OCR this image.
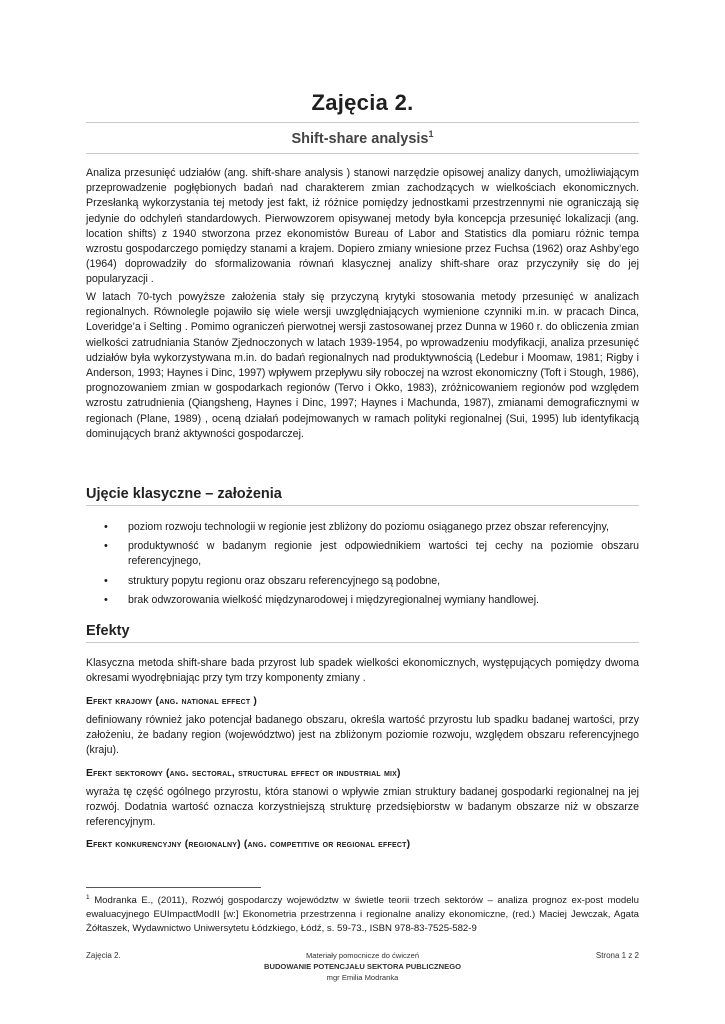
Zajęcia 2.
Shift-share analysis$^1$

Analiza przesunięć udziałów (ang. shift-share analysis ) stanowi narzędzie opisowej analizy danych, umożliwiającym przeprowadzenie pogłębionych badań nad charakterem zmian zachodzących w wielkościach ekonomicznych. Przesłanką wykorzystania tej metody jest fakt, iż różnice pomiędzy jednostkami przestrzennymi nie ograniczają się jedynie do odchyleń standardowych. Pierwowzorem opisywanej metody była koncepcja przesunięć lokalizacji (ang. location shifts) z 1940 stworzona przez ekonomistów Bureau of Labor and Statistics dla pomiaru różnic tempa wzrostu gospodarczego pomiędzy stanami a krajem. Dopiero zmiany wniesione przez Fuchsa (1962) oraz Ashby’ego (1964) doprowadziły do sformalizowania równań klasycznej analizy shift-share oraz przyczyniły się do jej popularyzacji .

W latach 70-tych powyższe założenia stały się przyczyną krytyki stosowania metody przesunięć w analizach regionalnych. Równolegle pojawiło się wiele wersji uwzględniających wymienione czynniki m.in. w pracach Dinca, Loveridge’a i Selting . Pomimo ograniczeń pierwotnej wersji zastosowanej przez Dunna w 1960 r. do obliczenia zmian wielkości zatrudniania Stanów Zjednoczonych w latach 1939-1954, po wprowadzeniu modyfikacji, analiza przesunięć udziałów była wykorzystywana m.in. do badań regionalnych nad produktywnością (Ledebur i Moomaw, 1981; Rigby i Anderson, 1993; Haynes i Dinc, 1997) wpływem przepływu siły roboczej na wzrost ekonomiczny (Toft i Stough, 1986), prognozowaniem zmian w gospodarkach regionów (Tervo i Okko, 1983), zróżnicowaniem regionów pod względem wzrostu zatrudnienia (Qiangsheng, Haynes i Dinc, 1997; Haynes i Machunda, 1987), zmianami demograficznymi w regionach (Plane, 1989) , oceną działań podejmowanych w ramach polityki regionalnej (Sui, 1995) lub identyfikacją dominujących branż aktywności gospodarczej.

Ujęcie klasyczne – założenia
• poziom rozwoju technologii w regionie jest zbliżony do poziomu osiąganego przez obszar referencyjny,
• produktywność w badanym regionie jest odpowiednikiem wartości tej cechy na poziomie obszaru referencyjnego,
• struktury popytu regionu oraz obszaru referencyjnego są podobne,
• brak odwzorowania wielkość międzynarodowej i międzyregionalnej wymiany handlowej.
Efekty

Klasyczna metoda shift-share bada przyrost lub spadek wielkości ekonomicznych, występujących pomiędzy dwoma okresami wyodrębniając przy tym trzy komponenty zmiany .

Efekt krajowy (ang. national effect )

definiowany również jako potencjał badanego obszaru, określa wartość przyrostu lub spadku badanej wartości, przy założeniu, że badany region (województwo) jest na zbliżonym poziomie rozwoju, względem obszaru referencyjnego (kraju).

Efekt sektorowy (ang. sectoral, structural effect or industrial mix)

wyraża tę część ogólnego przyrostu, która stanowi o wpływie zmian struktury badanej gospodarki regionalnej na jej rozwój. Dodatnia wartość oznacza korzystniejszą strukturę przedsiębiorstw w badanym obszarze niż w obszarze referencyjnym.

Efekt konkurencyjny (regionalny) (ang. competitive or regional effect)

$^1$ Modranka E., (2011), Rozwój gospodarczy województw w świetle teorii trzech sektorów – analiza prognoz ex-post modelu ewaluacyjnego EUImpactModII [w:] Ekonometria przestrzenna i regionalne analizy ekonomiczne, (red.) Maciej Jewczak, Agata Żółtaszek, Wydawnictwo Uniwersytetu Łódzkiego, Łódź, s. 59-73., ISBN 978-83-7525-582-9

Zajęcia 2.	Materiały pomocnicze do ćwiczeń
BUDOWANIE POTENCJAŁU SEKTORA PUBLICZNEGO
mgr Emilia Modranka
Strona 1 z 2
